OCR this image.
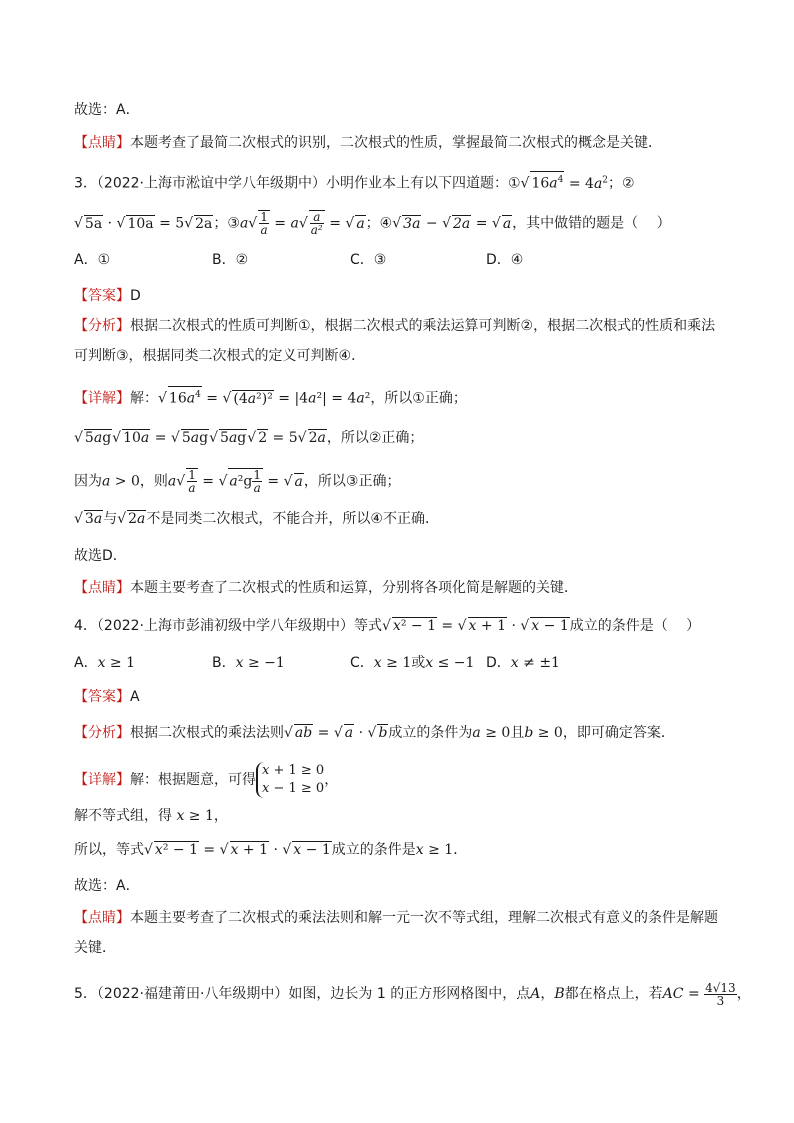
故选：A．
【点睛】本题考查了最简二次根式的识别，二次根式的性质，掌握最简二次根式的概念是关键．
3．（2022·上海市淞谊中学八年级期中）小明作业本上有以下四道题：①√ $16a^4 = 4a^2$；②
√ 5a · √ 10a = 5√ 2a；③a√ $\frac{1}{a} = a√ \frac{a}{\text{a²}}$ = √ a；④√ 3a − √ 2a = √ a，其中做错的题是（　 ）
A．①	B．②	C．③	D．④
【答案】D
【分析】根据二次根式的性质可判断①，根据二次根式的乘法运算可判断②，根据二次根式的性质和乘法
可判断③，根据同类二次根式的定义可判断④．
【详解】解：√ $16a^4$ = √ (4a²)² = |4a²| = 4a²，所以①正确；
√ 5ag√ 10a = √ 5ag√ 5ag√ 2 = 5√ 2a，所以②正确；
因为a > 0，则$a√ \frac{1}{a}$ = √ $a^2g \frac{1}{a}$ = √ a，所以③正确；
√ 3a与√ 2a不是同类二次根式，不能合并，所以④不正确．
故选D．
【点睛】本题主要考查了二次根式的性质和运算，分别将各项化简是解题的关键．
4．（2022·上海市彭浦初级中学八年级期中）等式√ x² − 1 = √ x + 1 · √ x − 1成立的条件是（　 ）
A．x ≥ 1	B．x ≥ −1	C．x ≥ 1或x ≤ −1 D．x ≠ ±1
【答案】A
【分析】根据二次根式的乘法法则√ ab = √ a · √ b成立的条件为a ≥ 0且b ≥ 0，即可确定答案．
【详解】解：根据题意，可得
x + 1 ≥ 0
x − 1 ≥ 0
，
解不等式组，得 x ≥ 1，
所以，等式√ x² − 1 = √ x + 1 · √ x − 1成立的条件是x ≥ 1．
故选：A．
【点睛】本题主要考查了二次根式的乘法法则和解一元一次不等式组，理解二次根式有意义的条件是解题
关键．
5．（2022·福建莆田·八年级期中）如图，边长为 1 的正方形网格图中，点A，B都在格点上，若AC = $\frac{4√13}{3}$ ，
